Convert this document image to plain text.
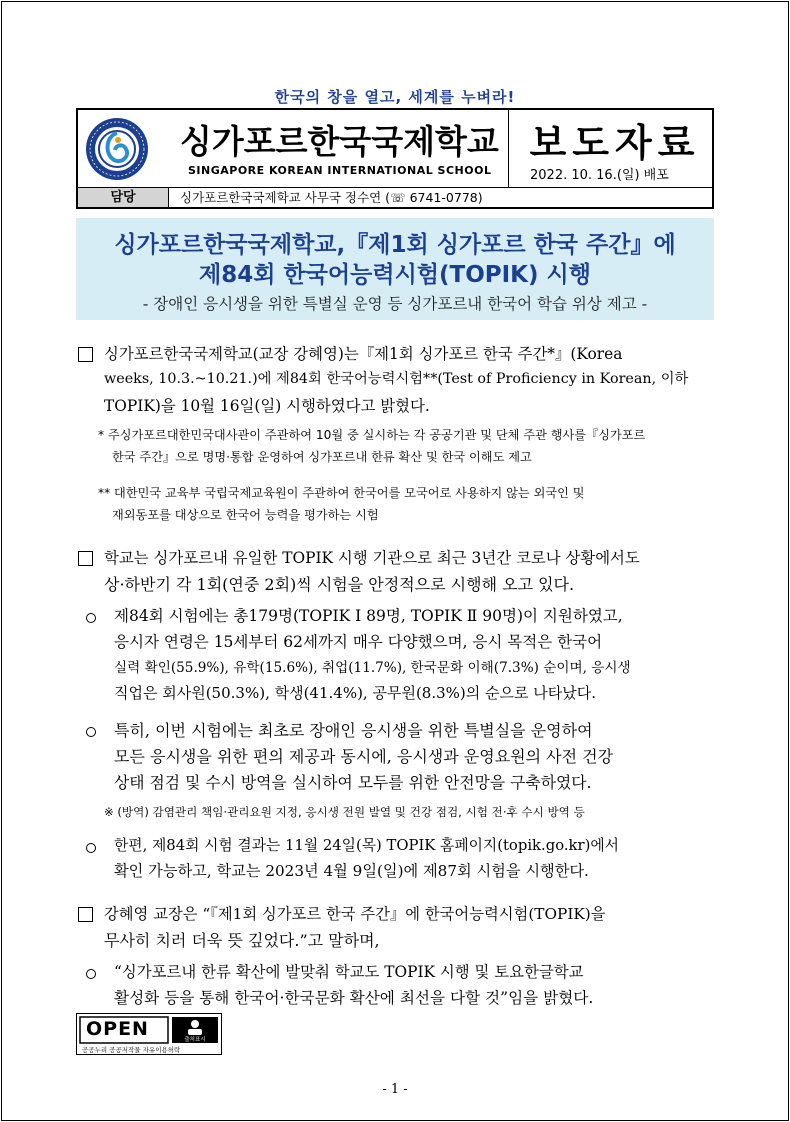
한국의 창을 열고, 세계를 누벼라!
싱가포르한국국제학교
SINGAPORE KOREAN INTERNATIONAL SCHOOL
보도자료
2022. 10. 16.(일) 배포
담당	싱가포르한국국제학교 사무국 정수연 (☏ 6741-0778)
싱가포르한국국제학교,『제1회 싱가포르 한국 주간』에
제84회 한국어능력시험(TOPIK) 시행
- 장애인 응시생을 위한 특별실 운영 등 싱가포르내 한국어 학습 위상 제고 -
싱가포르한국국제학교(교장 강혜영)는『제1회 싱가포르 한국 주간*』(Korea
weeks, 10.3.~10.21.)에 제84회 한국어능력시험**(Test of Proficiency in Korean, 이하
TOPIK)을 10월 16일(일) 시행하였다고 밝혔다.
* 주싱가포르대한민국대사관이 주관하여 10월 중 실시하는 각 공공기관 및 단체 주관 행사를『싱가포르
한국 주간』으로 명명·통합 운영하여 싱가포르내 한류 확산 및 한국 이해도 제고
** 대한민국 교육부 국립국제교육원이 주관하여 한국어를 모국어로 사용하지 않는 외국인 및
재외동포를 대상으로 한국어 능력을 평가하는 시험
학교는 싱가포르내 유일한 TOPIK 시행 기관으로 최근 3년간 코로나 상황에서도
상·하반기 각 1회(연중 2회)씩 시험을 안정적으로 시행해 오고 있다.
제84회 시험에는 총179명(TOPIK Ⅰ 89명, TOPIK Ⅱ 90명)이 지원하였고,
응시자 연령은 15세부터 62세까지 매우 다양했으며, 응시 목적은 한국어
실력 확인(55.9%), 유학(15.6%), 취업(11.7%), 한국문화 이해(7.3%) 순이며, 응시생
직업은 회사원(50.3%), 학생(41.4%), 공무원(8.3%)의 순으로 나타났다.
특히, 이번 시험에는 최초로 장애인 응시생을 위한 특별실을 운영하여
모든 응시생을 위한 편의 제공과 동시에, 응시생과 운영요원의 사전 건강
상태 점검 및 수시 방역을 실시하여 모두를 위한 안전망을 구축하였다.
※ (방역) 감염관리 책임·관리요원 지정, 응시생 전원 발열 및 건강 점검, 시험 전·후 수시 방역 등
한편, 제84회 시험 결과는 11월 24일(목) TOPIK 홈페이지(topik.go.kr)에서
확인 가능하고, 학교는 2023년 4월 9일(일)에 제87회 시험을 시행한다.
강혜영 교장은 “『제1회 싱가포르 한국 주간』에 한국어능력시험(TOPIK)을
무사히 치러 더욱 뜻 깊었다.”고 말하며,
“싱가포르내 한류 확산에 발맞춰 학교도 TOPIK 시행 및 토요한글학교
활성화 등을 통해 한국어·한국문화 확산에 최선을 다할 것”임을 밝혔다.
OPEN	출처표시
공공누리 공공저작물 자유이용허락
- 1 -
